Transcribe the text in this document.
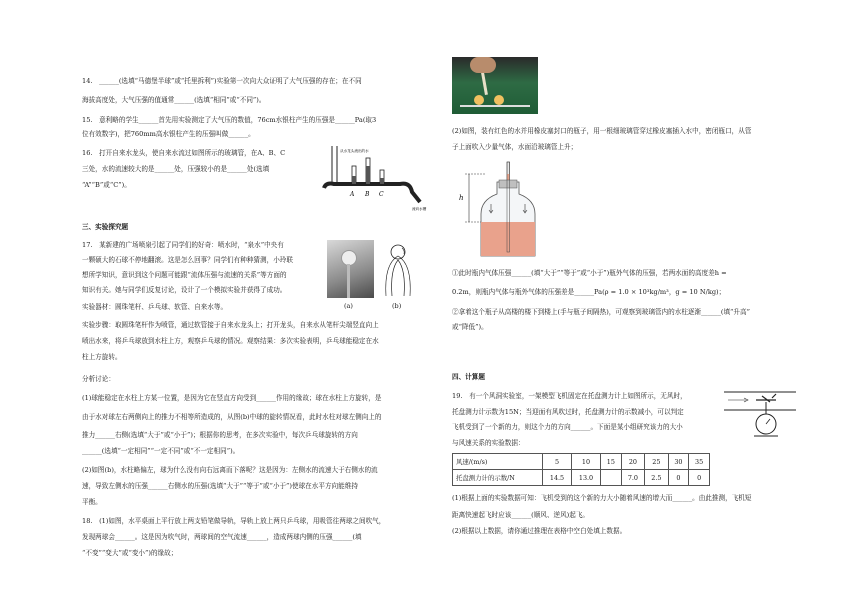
14.　______(选填“马德堡半球”或“托里拆利”)实验第一次向大众证明了大气压强的存在；在不同
海拔高度处，大气压强的值通常______(选填“相同”或“不同”)。
15.　意利略的学生______首先用实验测定了大气压的数值，76cm水银柱产生的压强是______Pa(取3
位有效数字)，把760mm高水银柱产生的压强叫做______。
16.　打开自来水龙头，使自来水流过如图所示的玻璃管，在A、B、C
三处，水的流速较大的是______处，压强较小的是______处(选填
“A”“B”或“C”)。
三、实验探究题
17.　某新建的广场喷泉引起了同学们的好奇：喷水时，“泉水”中央有
一颗硕大的石球不停地翻滚。这是怎么回事？同学们有种种猜测，小玲联
想所学知识，意识到这个问题可能跟“流体压强与流速的关系”等方面的
知识有关。她与同学们反复讨论，设计了一个模拟实验并获得了成功。
实验器材：圆珠笔杆、乒乓球、软管、自来水等。
实验步骤：取圆珠笔杆作为喷管，通过软管接于自来水龙头上；打开龙头，自来水从笔杆尖端竖直向上
喷出水来，将乒乓球放到水柱上方，观察乒乓球的情况。观察结果：多次实验表明，乒乓球能稳定在水
柱上方旋转。
分析讨论：
(1)球能稳定在水柱上方某一位置，是因为它在竖直方向受到______作用的缘故；球在水柱上方旋转，是
由于水对球左右两侧向上的推力不相等所造成的，从图(b)中球的旋转情况看，此时水柱对球左侧向上的
推力______右侧(选填“大于”或“小于”)；根据你的思考，在多次实验中，每次乒乓球旋转的方向
______(选填“一定相同”“一定不同”或“不一定相同”)。
(2)如图(b)，水柱略偏左，球为什么没有向右远离而下落呢？这是因为：左侧水的流速大于右侧水的流
速，导致左侧水的压强______右侧水的压强(选填“大于”“等于”或“小于”)使球在水平方向能维持
平衡。
18.　(1)如图，水平桌面上平行放上两支铅笔做导轨，导轨上放上两只乒乓球，用吸管往两球之间吹气，
发现两球会______。这是因为吹气时，两球间的空气流速______，造成两球内侧的压强______(填
“不变”“变大”或“变小”)的缘故；
A B C
从水龙头流出的水
流向水槽
(a)	(b)
(2)如图，装有红色的水并用橡皮塞封口的瓶子，用一根细玻璃管穿过橡皮塞插入水中，密闭瓶口，从管
子上面吹入少量气体，水面沿玻璃管上升；
①此时瓶内气体压强______(填“大于”“等于”或“小于”)瓶外气体的压强，若两水面的高度差h =
0.2m，则瓶内气体与瓶外气体的压强差是______Pa(ρ = 1.0 × 10³kg/m³，g = 10 N/kg)；
②拿着这个瓶子从高楼的楼下到楼上(手与瓶子间隔热)，可观察到玻璃管内的水柱逐渐______(填“升高”
或“降低”)。
四、计算题
19.　有一个风洞实验室，一架模型飞机固定在托盘测力计上如图所示，无风时，
托盘测力计示数为15N；当迎面有风吹过时，托盘测力计的示数减小，可以判定
飞机受到了一个新的力，则这个力的方向______。下面是某小组研究该力的大小
与风速关系的实验数据：
(1)根据上面的实验数据可知：飞机受到的这个新的力大小随着风速的增大而______。由此推测，飞机短
距离快速起飞时应该______(顺风、逆风)起飞。
(2)根据以上数据，请你通过推理在表格中空白处填上数据。
h
风速/(m/s)	5	10	15	20	25	30	35
托盘测力计的示数/N	14.5	13.0		7.0	2.5	0	0
